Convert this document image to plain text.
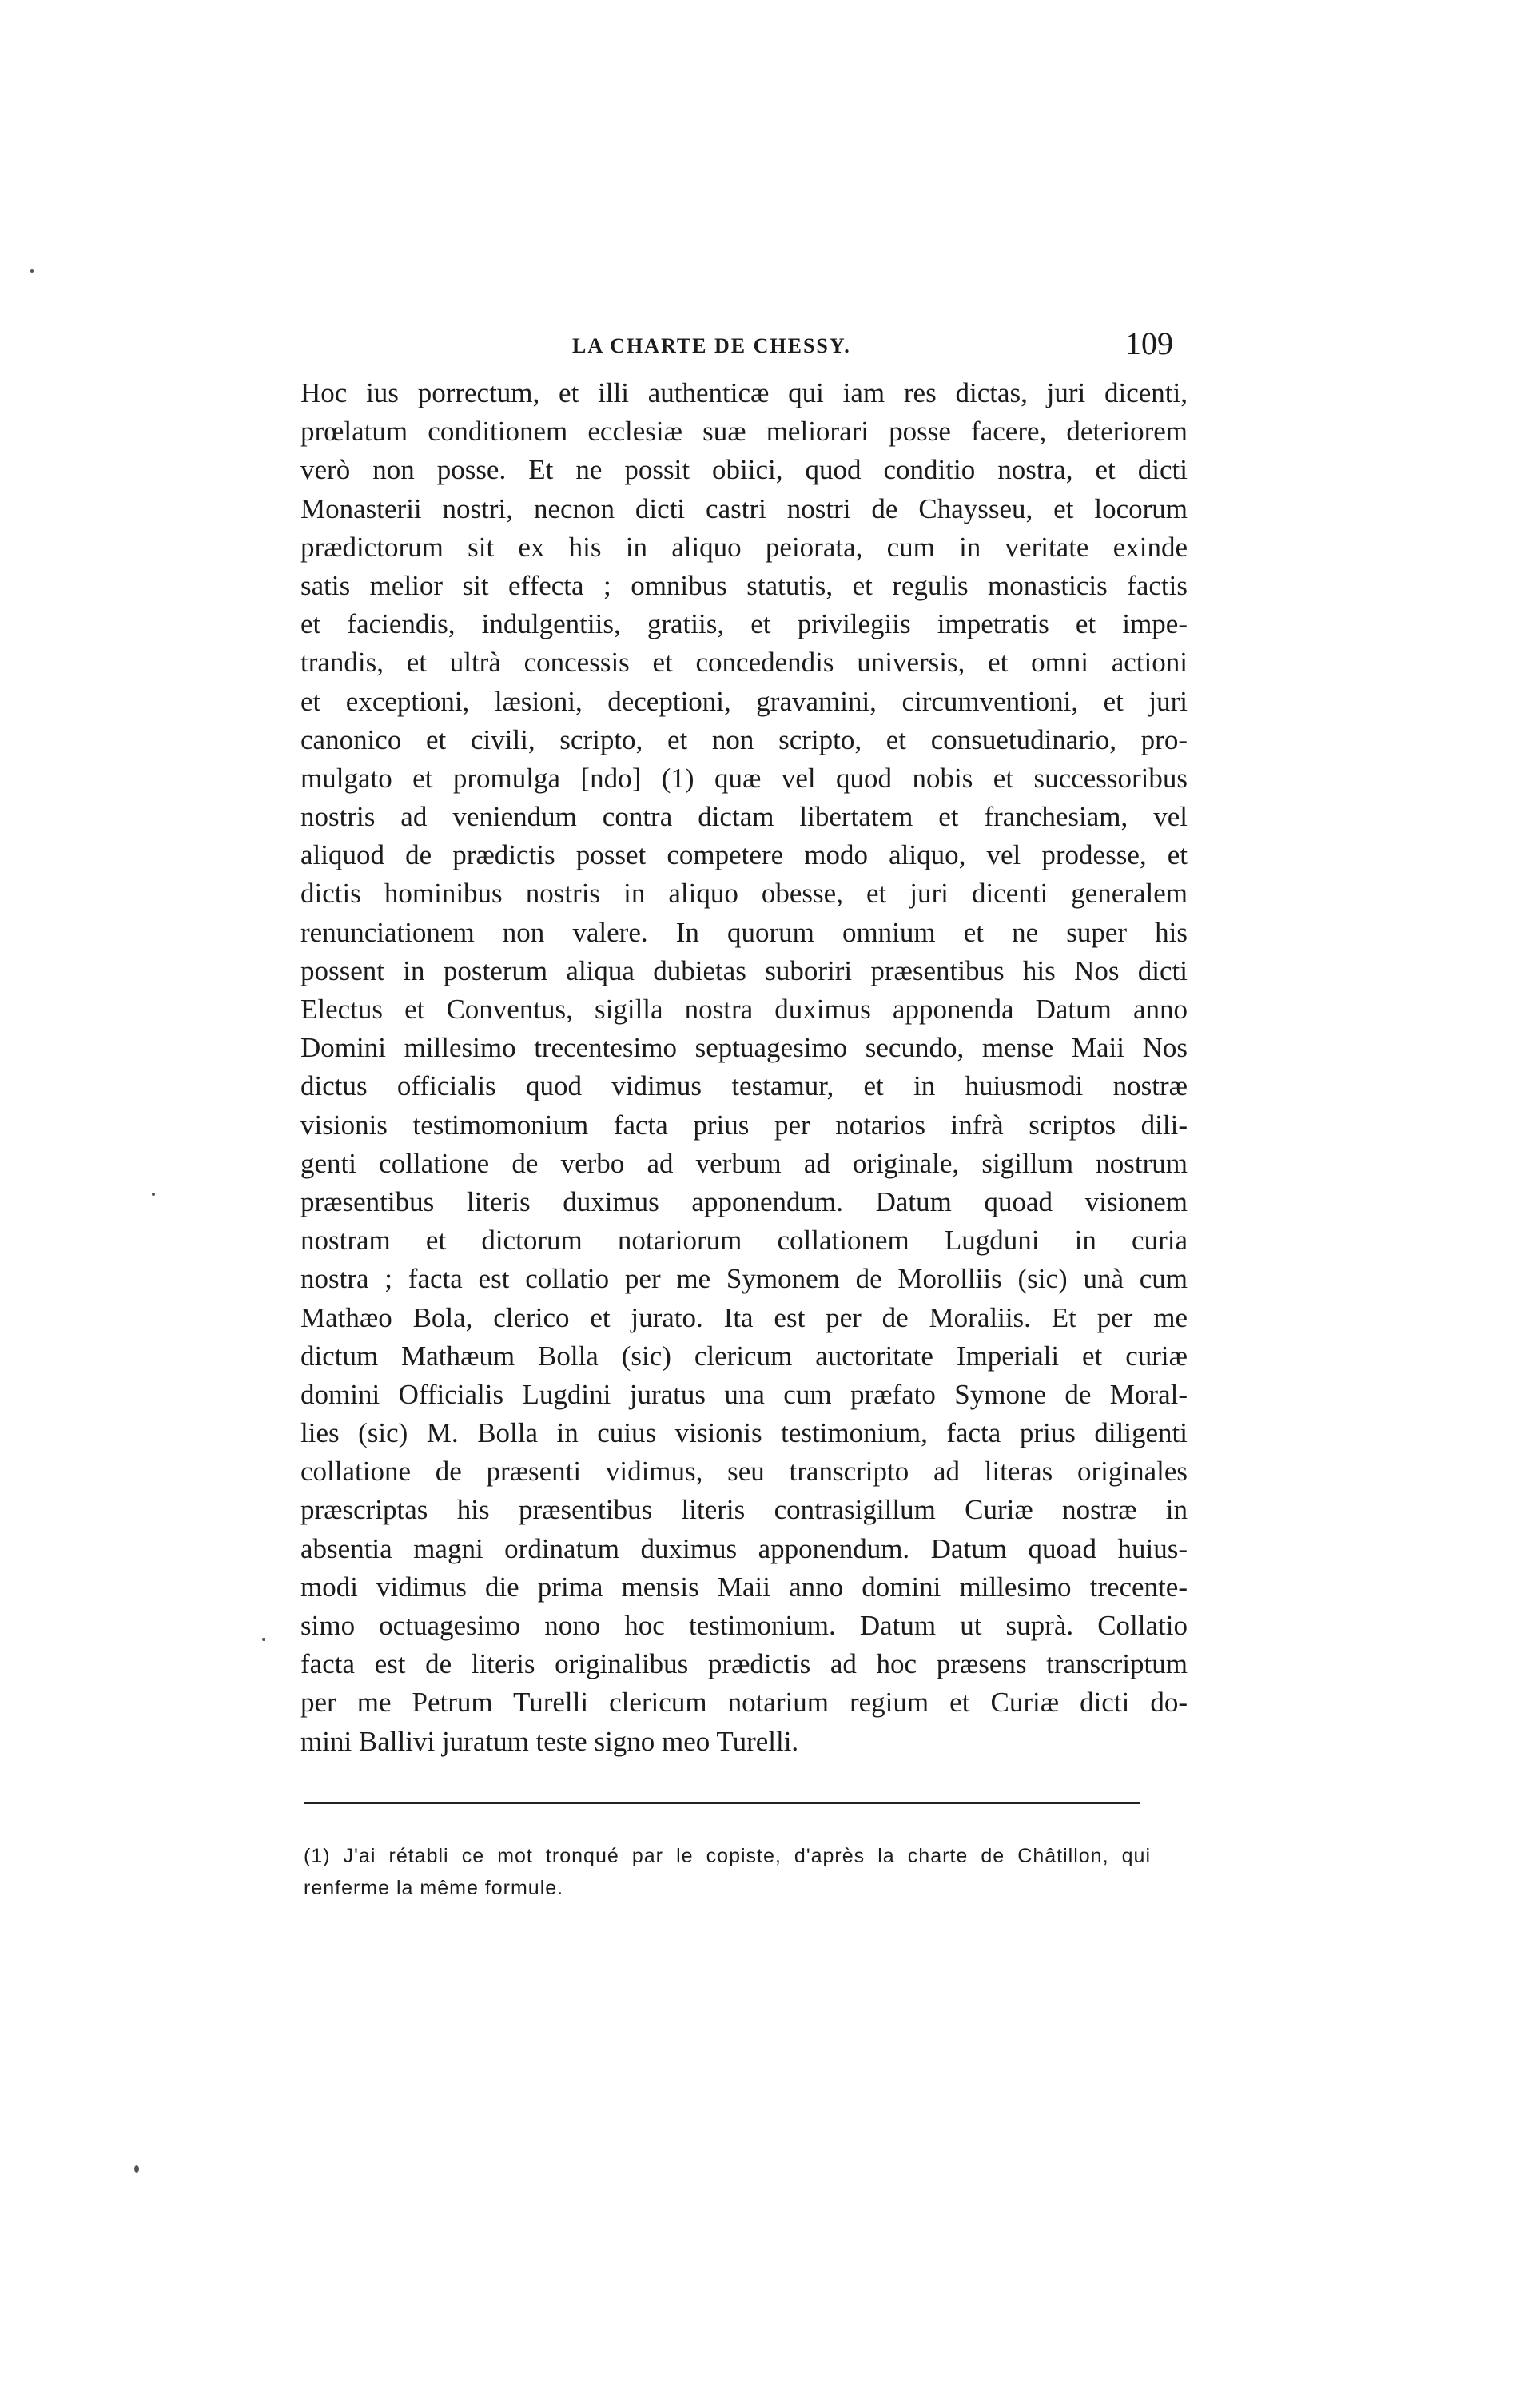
LA CHARTE DE CHESSY.	109
Hoc ius porrectum, et illi authenticæ qui iam res dictas, juri dicenti,
prœlatum conditionem ecclesiæ suæ meliorari posse facere, deteriorem
verò non posse. Et ne possit obiici, quod conditio nostra, et dicti
Monasterii nostri, necnon dicti castri nostri de Chaysseu, et locorum
prædictorum sit ex his in aliquo peiorata, cum in veritate exinde
satis melior sit effecta ; omnibus statutis, et regulis monasticis factis
et faciendis, indulgentiis, gratiis, et privilegiis impetratis et impe-
trandis, et ultrà concessis et concedendis universis, et omni actioni
et exceptioni, læsioni, deceptioni, gravamini, circumventioni, et juri
canonico et civili, scripto, et non scripto, et consuetudinario, pro-
mulgato et promulga [ndo] (1) quæ vel quod nobis et successoribus
nostris ad veniendum contra dictam libertatem et franchesiam, vel
aliquod de prædictis posset competere modo aliquo, vel prodesse, et
dictis hominibus nostris in aliquo obesse, et juri dicenti generalem
renunciationem non valere. In quorum omnium et ne super his
possent in posterum aliqua dubietas suboriri præsentibus his Nos dicti
Electus et Conventus, sigilla nostra duximus apponenda Datum anno
Domini millesimo trecentesimo septuagesimo secundo, mense Maii Nos
dictus officialis quod vidimus testamur, et in huiusmodi nostræ
visionis testimomonium facta prius per notarios infrà scriptos dili-
genti collatione de verbo ad verbum ad originale, sigillum nostrum
præsentibus literis duximus apponendum. Datum quoad visionem
nostram et dictorum notariorum collationem Lugduni in curia
nostra ; facta est collatio per me Symonem de Morolliis (sic) unà cum
Mathæo Bola, clerico et jurato. Ita est per de Moraliis. Et per me
dictum Mathæum Bolla (sic) clericum auctoritate Imperiali et curiæ
domini Officialis Lugdini juratus una cum præfato Symone de Moral-
lies (sic) M. Bolla in cuius visionis testimonium, facta prius diligenti
collatione de præsenti vidimus, seu transcripto ad literas originales
præscriptas his præsentibus literis contrasigillum Curiæ nostræ in
absentia magni ordinatum duximus apponendum. Datum quoad huius-
modi vidimus die prima mensis Maii anno domini millesimo trecente-
simo octuagesimo nono hoc testimonium. Datum ut suprà. Collatio
facta est de literis originalibus prædictis ad hoc præsens transcriptum
per me Petrum Turelli clericum notarium regium et Curiæ dicti do-
mini Ballivi juratum teste signo meo Turelli.
(1) J'ai rétabli ce mot tronqué par le copiste, d'après la charte de Châtillon, qui
renferme la même formule.
